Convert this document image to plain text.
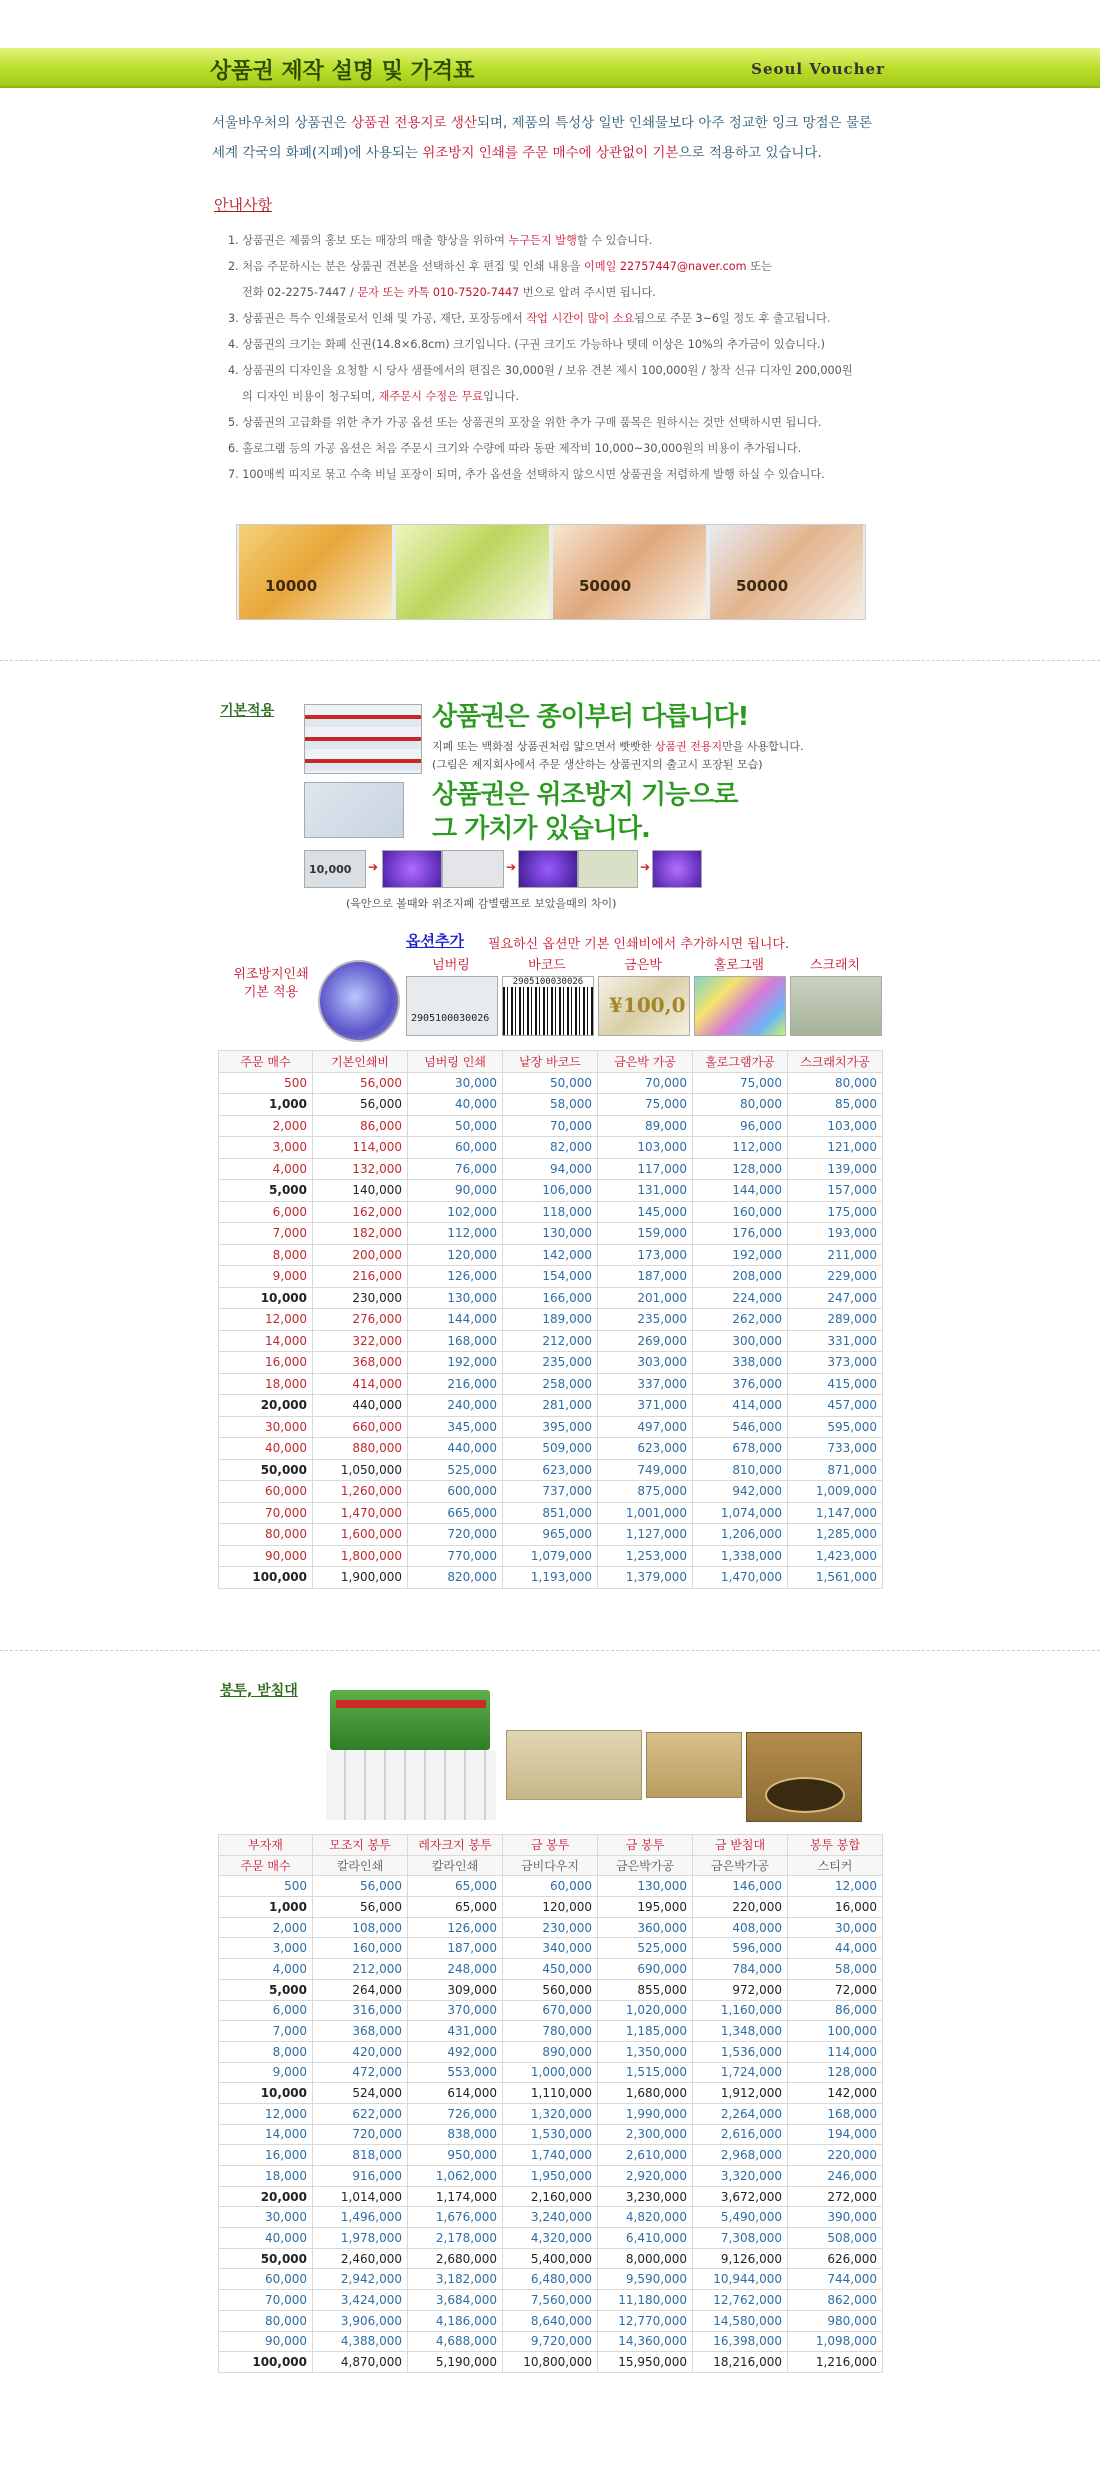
상품권 제작 설명 및 가격표	Seoul Voucher
서울바우처의 상품권은 상품권 전용지로 생산되며, 제품의 특성상 일반 인쇄물보다 아주 정교한 잉크 망점은 물론
세계 각국의 화폐(지폐)에 사용되는 위조방지 인쇄를 주문 매수에 상관없이 기본으로 적용하고 있습니다.
안내사항
1. 상품권은 제품의 홍보 또는 매장의 매출 향상을 위하여 누구든지 발행할 수 있습니다.
2. 처음 주문하시는 분은 상품권 견본을 선택하신 후 편집 및 인쇄 내용을 이메일 22757447@naver.com 또는
전화 02-2275-7447 / 문자 또는 카톡 010-7520-7447 번으로 알려 주시면 됩니다.
3. 상품권은 특수 인쇄물로서 인쇄 및 가공, 재단, 포장등에서 작업 시간이 많이 소요됨으로 주문 3~6일 정도 후 출고됩니다.
4. 상품권의 크기는 화폐 신권(14.8×6.8cm) 크기입니다. (구권 크기도 가능하나 텟데 이상은 10%의 추가금이 있습니다.)
4. 상품권의 디자인을 요청할 시 당사 샘플에서의 편집은 30,000원 / 보유 견본 제시 100,000원 / 창작 신규 디자인 200,000원
의 디자인 비용이 청구되며, 재주문시 수정은 무료입니다.
5. 상품권의 고급화를 위한 추가 가공 옵션 또는 상품권의 포장을 위한 추가 구매 품목은 원하시는 것만 선택하시면 됩니다.
6. 홀로그램 등의 가공 옵션은 처음 주문시 크기와 수량에 따라 동판 제작비 10,000~30,000원의 비용이 추가됩니다.
7. 100매씩 띠지로 묶고 수축 비닐 포장이 되며, 추가 옵션을 선택하지 않으시면 상품권을 저렴하게 발행 하실 수 있습니다.
10000	50000	50000
기본적용	상품권은 종이부터 다릅니다!
지폐 또는 백화점 상품권처럼 얇으면서 빳빳한 상품권 전용지만을 사용합니다.
(그림은 제지회사에서 주문 생산하는 상품권지의 출고시 포장된 모습)
상품권은 위조방지 기능으로
그 가치가 있습니다.
10,000 ➔	➔	➔
(육안으로 볼때와 위조지폐 감별램프로 보았을때의 차이)
옵션추가 필요하신 옵션만 기본 인쇄비에서 추가하시면 됩니다.
위조방지인쇄
기본 적용
넘버링	바코드	금은박	홀로그램	스크래치
2905100030026
2905100030026
¥100,0
주문 매수	기본인쇄비	넘버링 인쇄	낱장 바코드	금은박 가공	홀로그램가공	스크래치가공
500	56,000	30,000	50,000	70,000	75,000	80,000
1,000	56,000	40,000	58,000	75,000	80,000	85,000
2,000	86,000	50,000	70,000	89,000	96,000	103,000
3,000	114,000	60,000	82,000	103,000	112,000	121,000
4,000	132,000	76,000	94,000	117,000	128,000	139,000
5,000	140,000	90,000	106,000	131,000	144,000	157,000
6,000	162,000	102,000	118,000	145,000	160,000	175,000
7,000	182,000	112,000	130,000	159,000	176,000	193,000
8,000	200,000	120,000	142,000	173,000	192,000	211,000
9,000	216,000	126,000	154,000	187,000	208,000	229,000
10,000	230,000	130,000	166,000	201,000	224,000	247,000
12,000	276,000	144,000	189,000	235,000	262,000	289,000
14,000	322,000	168,000	212,000	269,000	300,000	331,000
16,000	368,000	192,000	235,000	303,000	338,000	373,000
18,000	414,000	216,000	258,000	337,000	376,000	415,000
20,000	440,000	240,000	281,000	371,000	414,000	457,000
30,000	660,000	345,000	395,000	497,000	546,000	595,000
40,000	880,000	440,000	509,000	623,000	678,000	733,000
50,000	1,050,000	525,000	623,000	749,000	810,000	871,000
60,000	1,260,000	600,000	737,000	875,000	942,000	1,009,000
70,000	1,470,000	665,000	851,000	1,001,000	1,074,000	1,147,000
80,000	1,600,000	720,000	965,000	1,127,000	1,206,000	1,285,000
90,000	1,800,000	770,000	1,079,000	1,253,000	1,338,000	1,423,000
100,000	1,900,000	820,000	1,193,000	1,379,000	1,470,000	1,561,000
봉투, 받침대
부자재	모조지 봉투	레자크지 봉투	금 봉투	금 봉투	금 받침대	봉투 봉합
주문 매수	칼라인쇄	칼라인쇄	금비다우지	금은박가공	금은박가공	스티커
500	56,000	65,000	60,000	130,000	146,000	12,000
1,000	56,000	65,000	120,000	195,000	220,000	16,000
2,000	108,000	126,000	230,000	360,000	408,000	30,000
3,000	160,000	187,000	340,000	525,000	596,000	44,000
4,000	212,000	248,000	450,000	690,000	784,000	58,000
5,000	264,000	309,000	560,000	855,000	972,000	72,000
6,000	316,000	370,000	670,000	1,020,000	1,160,000	86,000
7,000	368,000	431,000	780,000	1,185,000	1,348,000	100,000
8,000	420,000	492,000	890,000	1,350,000	1,536,000	114,000
9,000	472,000	553,000	1,000,000	1,515,000	1,724,000	128,000
10,000	524,000	614,000	1,110,000	1,680,000	1,912,000	142,000
12,000	622,000	726,000	1,320,000	1,990,000	2,264,000	168,000
14,000	720,000	838,000	1,530,000	2,300,000	2,616,000	194,000
16,000	818,000	950,000	1,740,000	2,610,000	2,968,000	220,000
18,000	916,000	1,062,000	1,950,000	2,920,000	3,320,000	246,000
20,000	1,014,000	1,174,000	2,160,000	3,230,000	3,672,000	272,000
30,000	1,496,000	1,676,000	3,240,000	4,820,000	5,490,000	390,000
40,000	1,978,000	2,178,000	4,320,000	6,410,000	7,308,000	508,000
50,000	2,460,000	2,680,000	5,400,000	8,000,000	9,126,000	626,000
60,000	2,942,000	3,182,000	6,480,000	9,590,000	10,944,000	744,000
70,000	3,424,000	3,684,000	7,560,000	11,180,000	12,762,000	862,000
80,000	3,906,000	4,186,000	8,640,000	12,770,000	14,580,000	980,000
90,000	4,388,000	4,688,000	9,720,000	14,360,000	16,398,000	1,098,000
100,000	4,870,000	5,190,000	10,800,000	15,950,000	18,216,000	1,216,000
